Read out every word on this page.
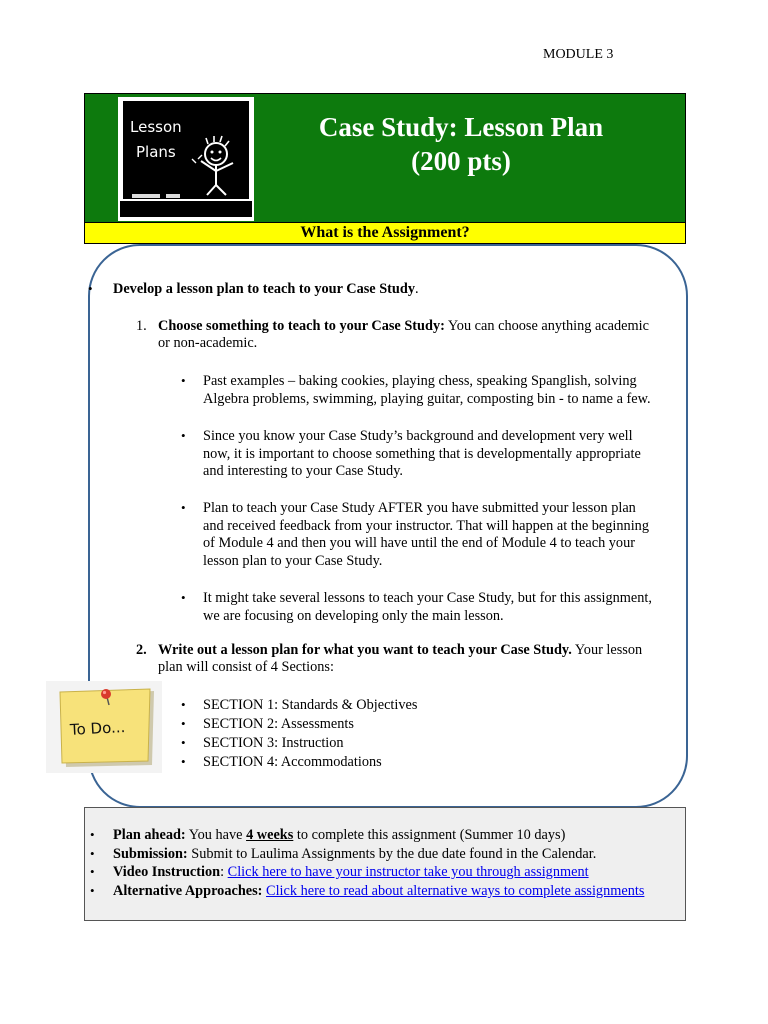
MODULE 3
Lesson
Plans
Case Study: Lesson Plan
(200 pts)
What is the Assignment?
• Develop a lesson plan to teach to your Case Study.
1. Choose something to teach to your Case Study: You can choose anything academic
or non-academic.
• Past examples – baking cookies, playing chess, speaking Spanglish, solving
Algebra problems, swimming, playing guitar, composting bin - to name a few.
• Since you know your Case Study’s background and development very well
now, it is important to choose something that is developmentally appropriate
and interesting to your Case Study.
• Plan to teach your Case Study AFTER you have submitted your lesson plan
and received feedback from your instructor. That will happen at the beginning
of Module 4 and then you will have until the end of Module 4 to teach your
lesson plan to your Case Study.
• It might take several lessons to teach your Case Study, but for this assignment,
we are focusing on developing only the main lesson.
2. Write out a lesson plan for what you want to teach your Case Study. Your lesson
plan will consist of 4 Sections:
• SECTION 1: Standards & Objectives
• SECTION 2: Assessments
• SECTION 3: Instruction
• SECTION 4: Accommodations
To Do...
• Plan ahead: You have 4 weeks to complete this assignment (Summer 10 days)
• Submission: Submit to Laulima Assignments by the due date found in the Calendar.
• Video Instruction: Click here to have your instructor take you through assignment
• Alternative Approaches: Click here to read about alternative ways to complete assignments
